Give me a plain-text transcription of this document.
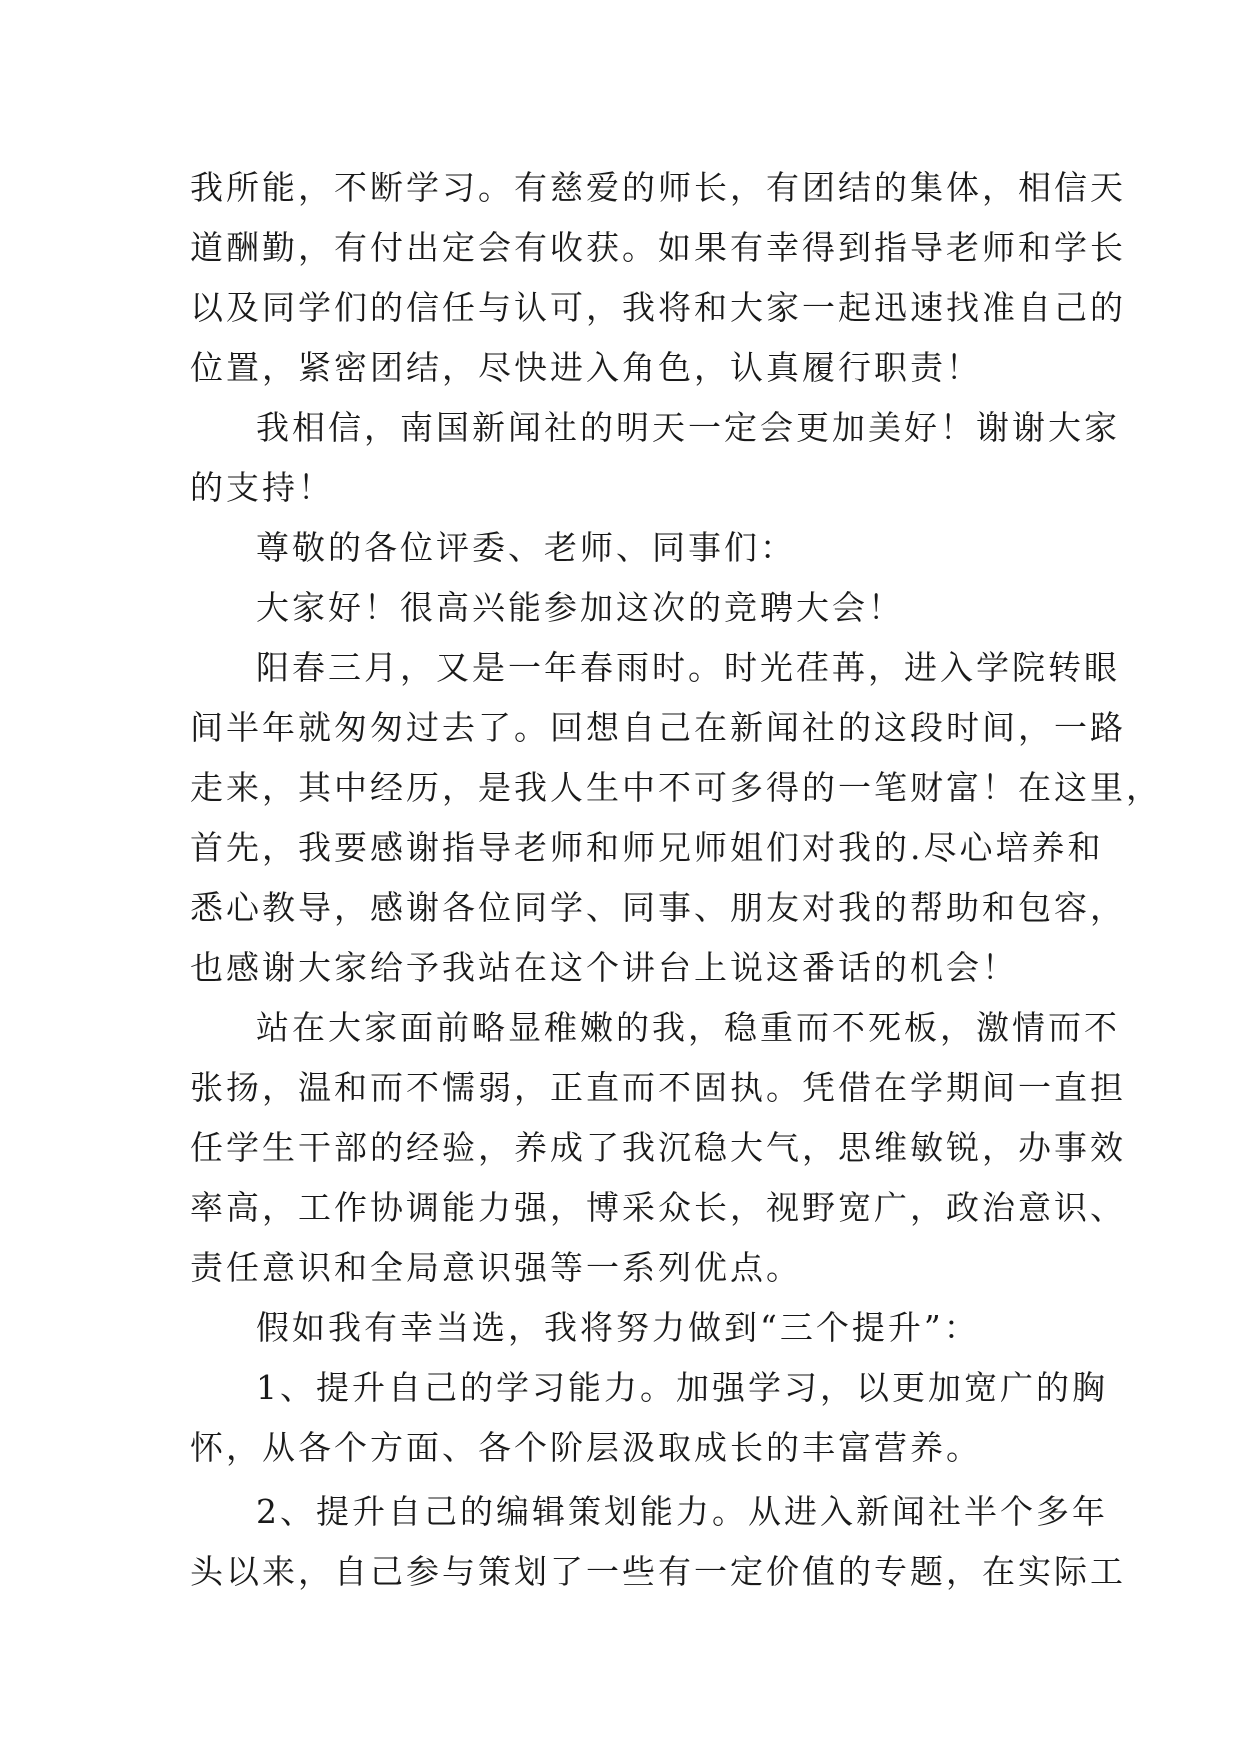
我所能，不断学习。有慈爱的师长，有团结的集体，相信天
道酬勤，有付出定会有收获。如果有幸得到指导老师和学长
以及同学们的信任与认可，我将和大家一起迅速找准自己的
位置，紧密团结，尽快进入角色，认真履行职责！
我相信，南国新闻社的明天一定会更加美好！谢谢大家
的支持！
尊敬的各位评委、老师、同事们：
大家好！很高兴能参加这次的竞聘大会！
阳春三月，又是一年春雨时。时光荏苒，进入学院转眼
间半年就匆匆过去了。回想自己在新闻社的这段时间，一路
走来，其中经历，是我人生中不可多得的一笔财富！在这里，
首先，我要感谢指导老师和师兄师姐们对我的.尽心培养和
悉心教导，感谢各位同学、同事、朋友对我的帮助和包容，
也感谢大家给予我站在这个讲台上说这番话的机会！
站在大家面前略显稚嫩的我，稳重而不死板，激情而不
张扬，温和而不懦弱，正直而不固执。凭借在学期间一直担
任学生干部的经验，养成了我沉稳大气，思维敏锐，办事效
率高，工作协调能力强，博采众长，视野宽广，政治意识、
责任意识和全局意识强等一系列优点。
假如我有幸当选，我将努力做到“三个提升”：
1、提升自己的学习能力。加强学习，以更加宽广的胸
怀，从各个方面、各个阶层汲取成长的丰富营养。
2、提升自己的编辑策划能力。从进入新闻社半个多年
头以来，自己参与策划了一些有一定价值的专题，在实际工
